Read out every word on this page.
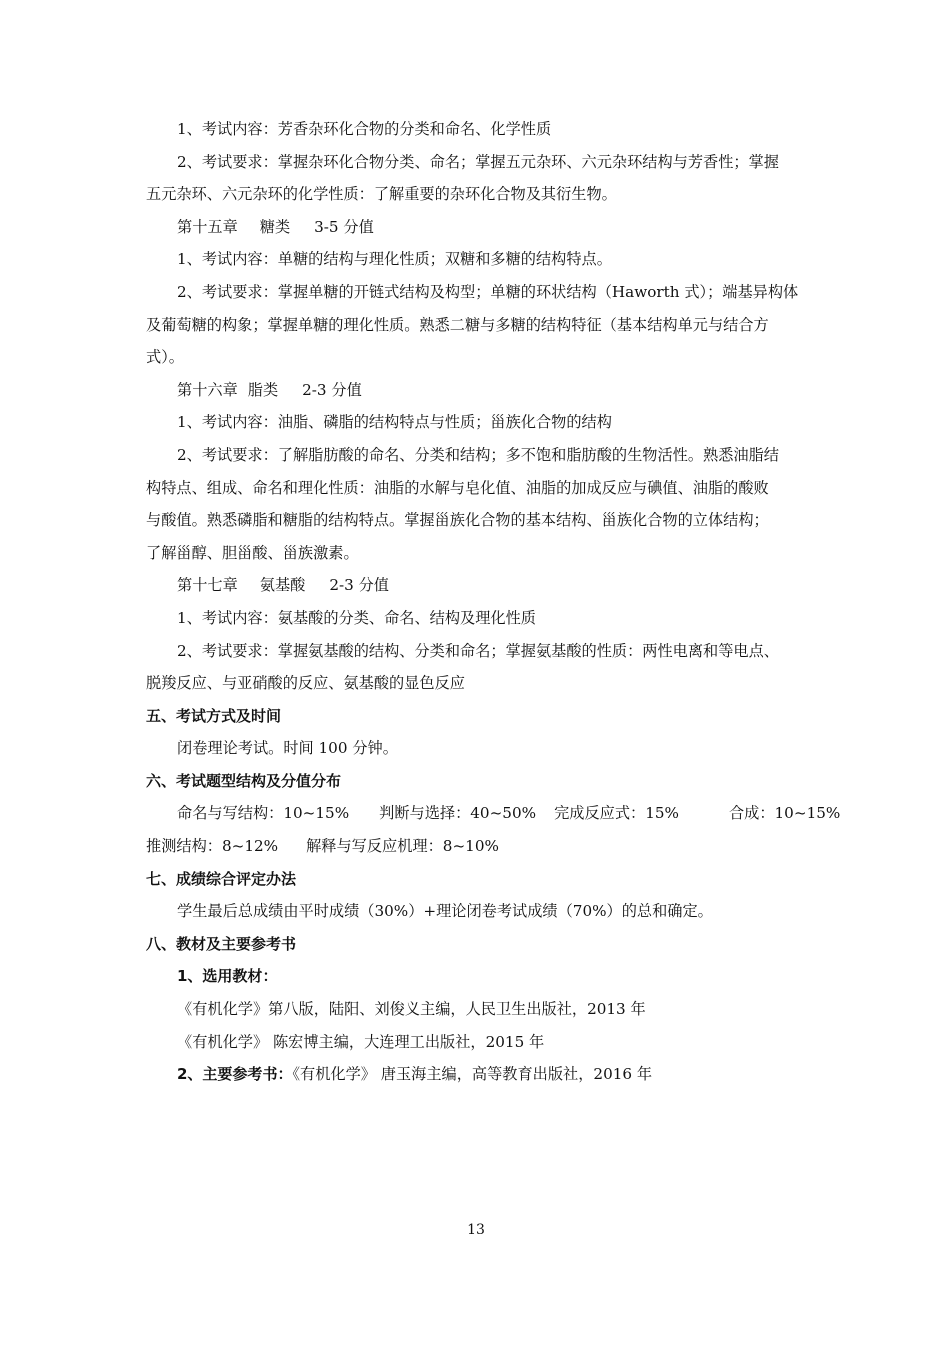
1、考试内容：芳香杂环化合物的分类和命名、化学性质

2、考试要求：掌握杂环化合物分类、命名；掌握五元杂环、六元杂环结构与芳香性；掌握

五元杂环、六元杂环的化学性质：了解重要的杂环化合物及其衍生物。

第十五章 糖类 3-5 分值

1、考试内容：单糖的结构与理化性质；双糖和多糖的结构特点。

2、考试要求：掌握单糖的开链式结构及构型；单糖的环状结构（Haworth 式）；端基异构体

及葡萄糖的构象；掌握单糖的理化性质。熟悉二糖与多糖的结构特征（基本结构单元与结合方

式）。

第十六章 脂类 2-3 分值

1、考试内容：油脂、磷脂的结构特点与性质；甾族化合物的结构

2、考试要求：了解脂肪酸的命名、分类和结构；多不饱和脂肪酸的生物活性。熟悉油脂结

构特点、组成、命名和理化性质：油脂的水解与皂化值、油脂的加成反应与碘值、油脂的酸败

与酸值。熟悉磷脂和糖脂的结构特点。掌握甾族化合物的基本结构、甾族化合物的立体结构；

了解甾醇、胆甾酸、甾族激素。

第十七章 氨基酸 2-3 分值

1、考试内容：氨基酸的分类、命名、结构及理化性质

2、考试要求：掌握氨基酸的结构、分类和命名；掌握氨基酸的性质：两性电离和等电点、

脱羧反应、与亚硝酸的反应、氨基酸的显色反应

五、考试方式及时间

闭卷理论考试。时间 100 分钟。

六、考试题型结构及分值分布

命名与写结构：10~15% 判断与选择：40~50% 完成反应式：15%	合成：10~15%

推测结构：8~12% 解释与写反应机理：8~10%

七、成绩综合评定办法

学生最后总成绩由平时成绩（30%）+理论闭卷考试成绩（70%）的总和确定。

八、教材及主要参考书

1、选用教材：

《有机化学》第八版，陆阳、刘俊义主编，人民卫生出版社，2013 年

《有机化学》 陈宏博主编，大连理工出版社，2015 年

2、主要参考书：《有机化学》 唐玉海主编，高等教育出版社，2016 年

13
